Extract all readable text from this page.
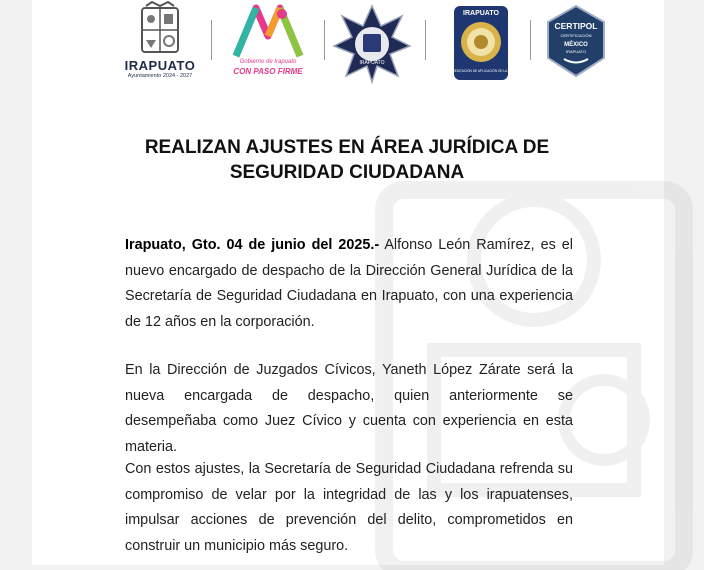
IRAPUATO
Ayuntamiento 2024 - 2027
Gobierno de Irapuato
CON PASO FIRME
IRAPUATO
IRAPUATO
ACREDITACIÓN DE APLICACIÓN DE LA LEY
CERTIPOL
CERTIFICACIÓN
MÉXICO
IRAPUATO
REALIZAN AJUSTES EN ÁREA JURÍDICA DE SEGURIDAD CIUDADANA

Irapuato, Gto. 04 de junio del 2025.- Alfonso León Ramírez, es el nuevo encargado de despacho de la Dirección General Jurídica de la Secretaría de Seguridad Ciudadana en Irapuato, con una experiencia de 12 años en la corporación.

En la Dirección de Juzgados Cívicos, Yaneth López Zárate será la nueva encargada de despacho, quien anteriormente se desempeñaba como Juez Cívico y cuenta con experiencia en esta materia.

Con estos ajustes, la Secretaría de Seguridad Ciudadana refrenda su compromiso de velar por la integridad de las y los irapuatenses, impulsar acciones de prevención del delito, comprometidos en construir un municipio más seguro.
